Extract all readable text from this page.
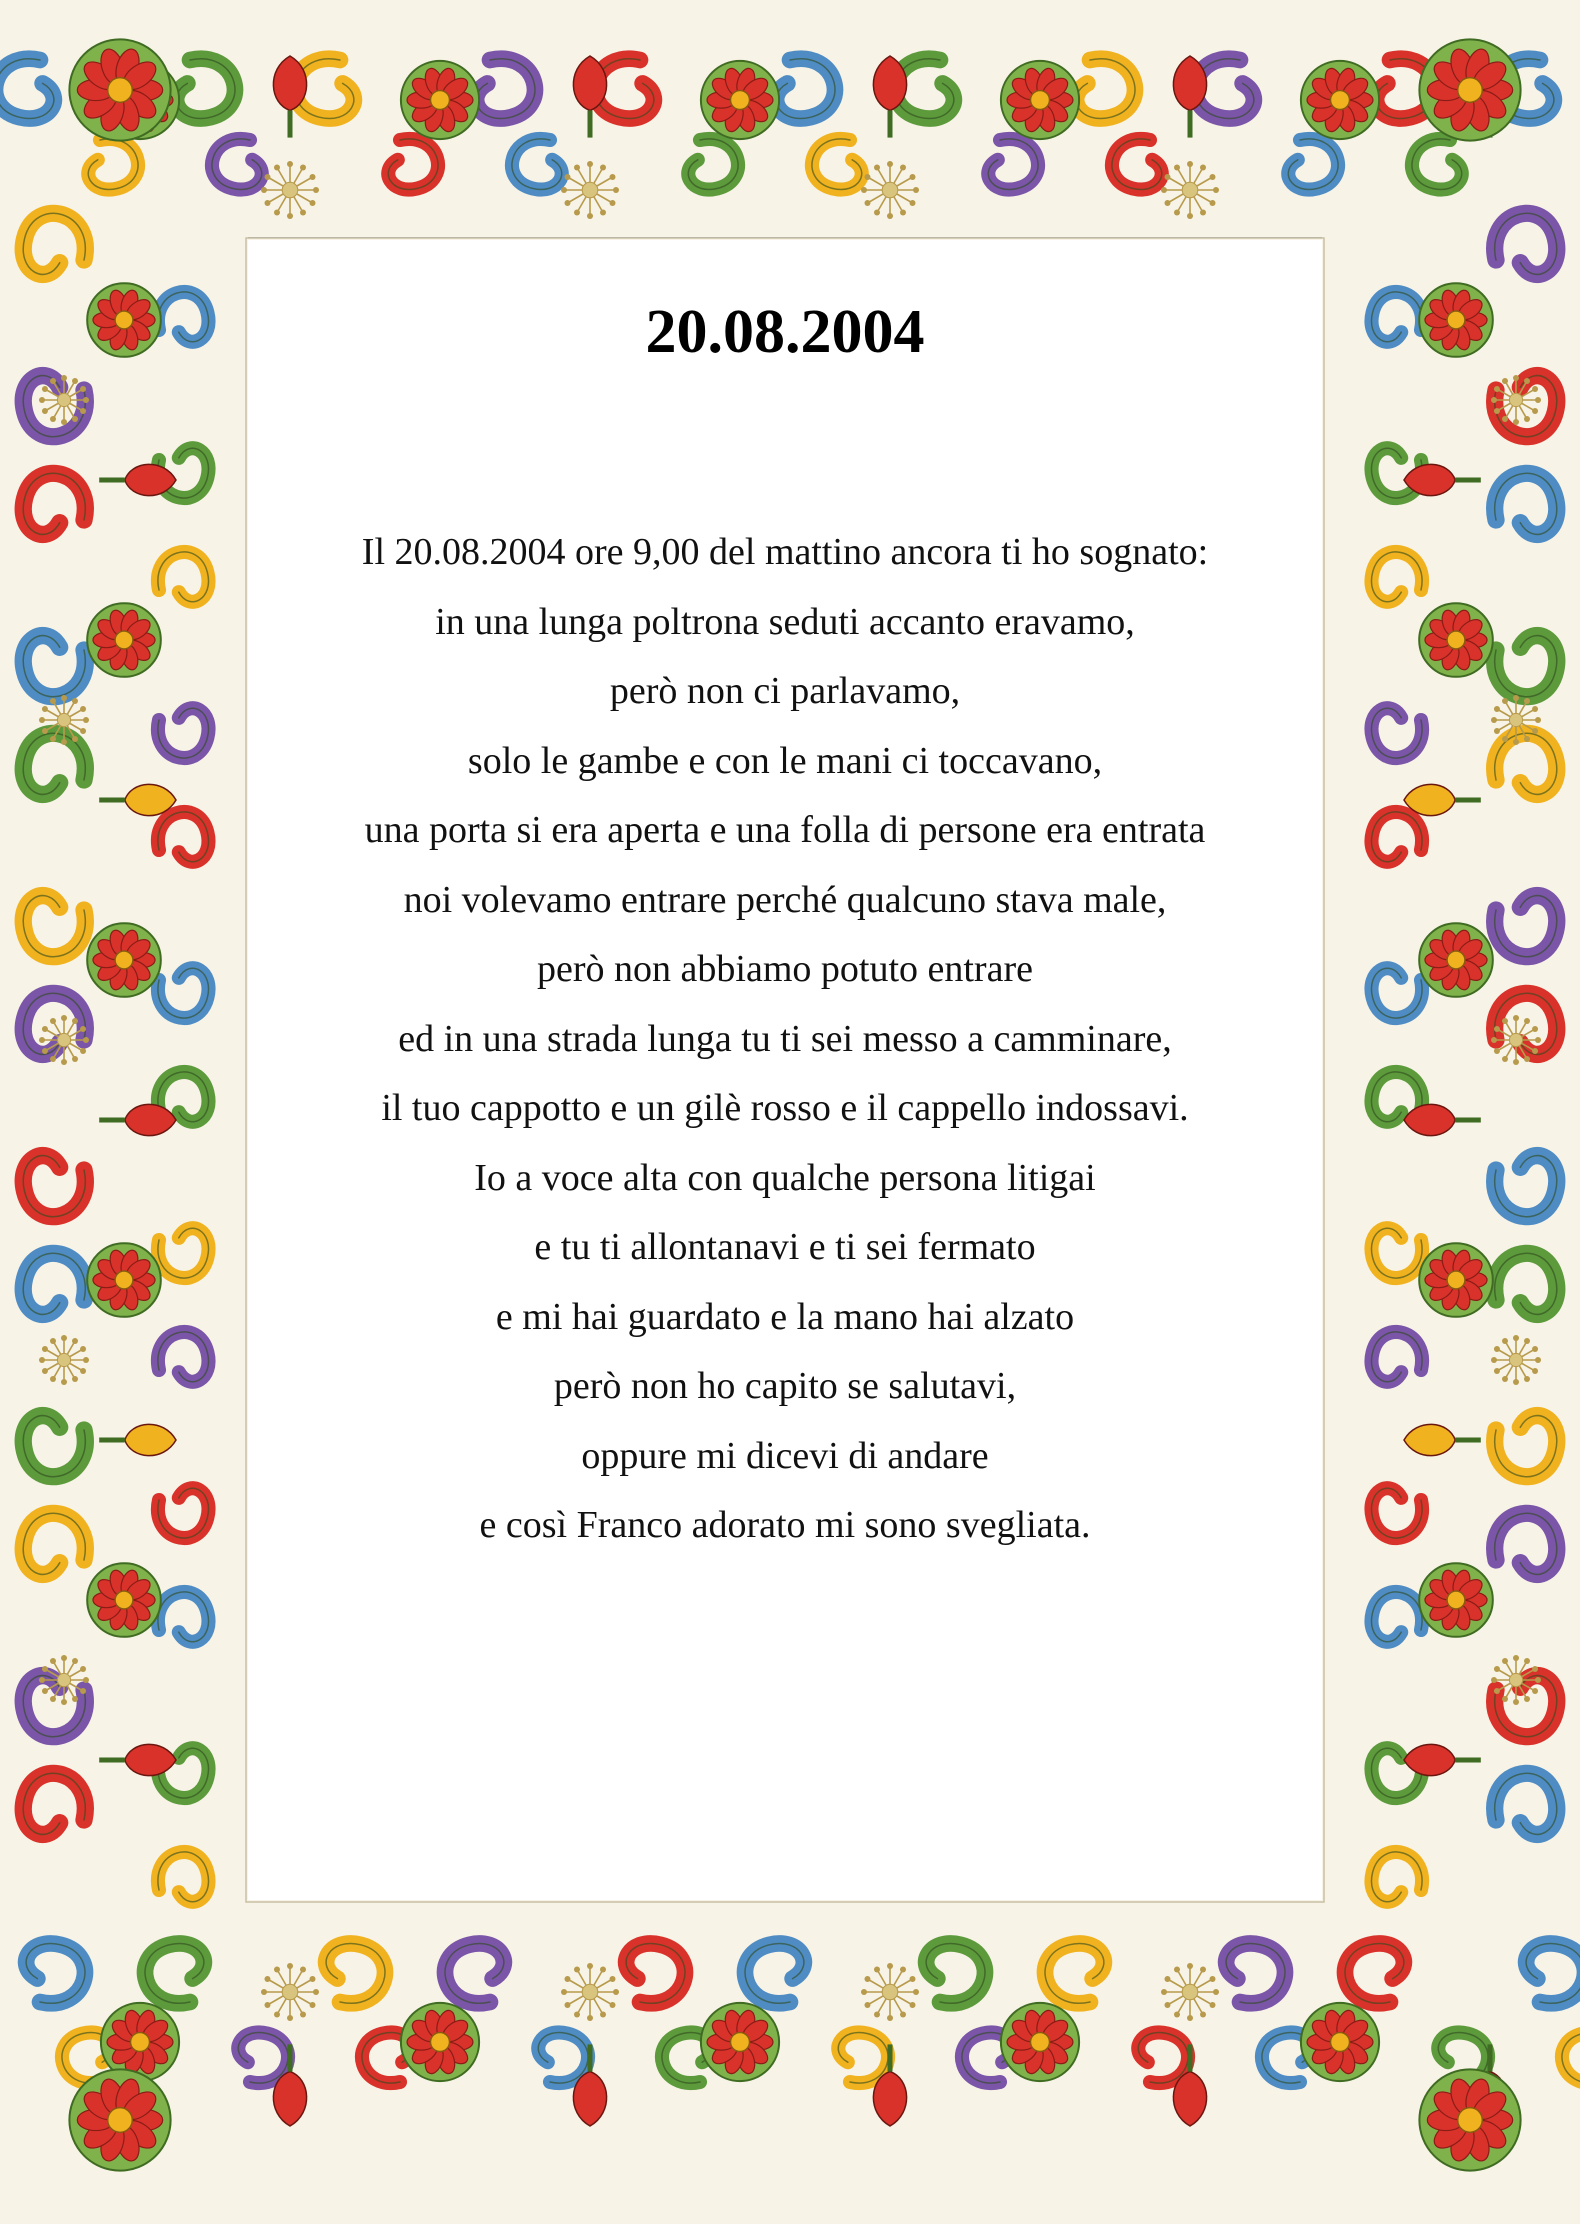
20.08.2004
Il 20.08.2004 ore 9,00 del mattino ancora ti ho sognato:
in una lunga poltrona seduti accanto eravamo,
però non ci parlavamo,
solo le gambe e con le mani ci toccavano,
una porta si era aperta e una folla di persone era entrata
noi volevamo entrare perché qualcuno stava male,
però non abbiamo potuto entrare
ed in una strada lunga tu ti sei messo a camminare,
il tuo cappotto e un gilè rosso e il cappello indossavi.
Io a voce alta con qualche persona litigai
e tu ti allontanavi e ti sei fermato
e mi hai guardato e la mano hai alzato
però non ho capito se salutavi,
oppure mi dicevi di andare
e così Franco adorato mi sono svegliata.
